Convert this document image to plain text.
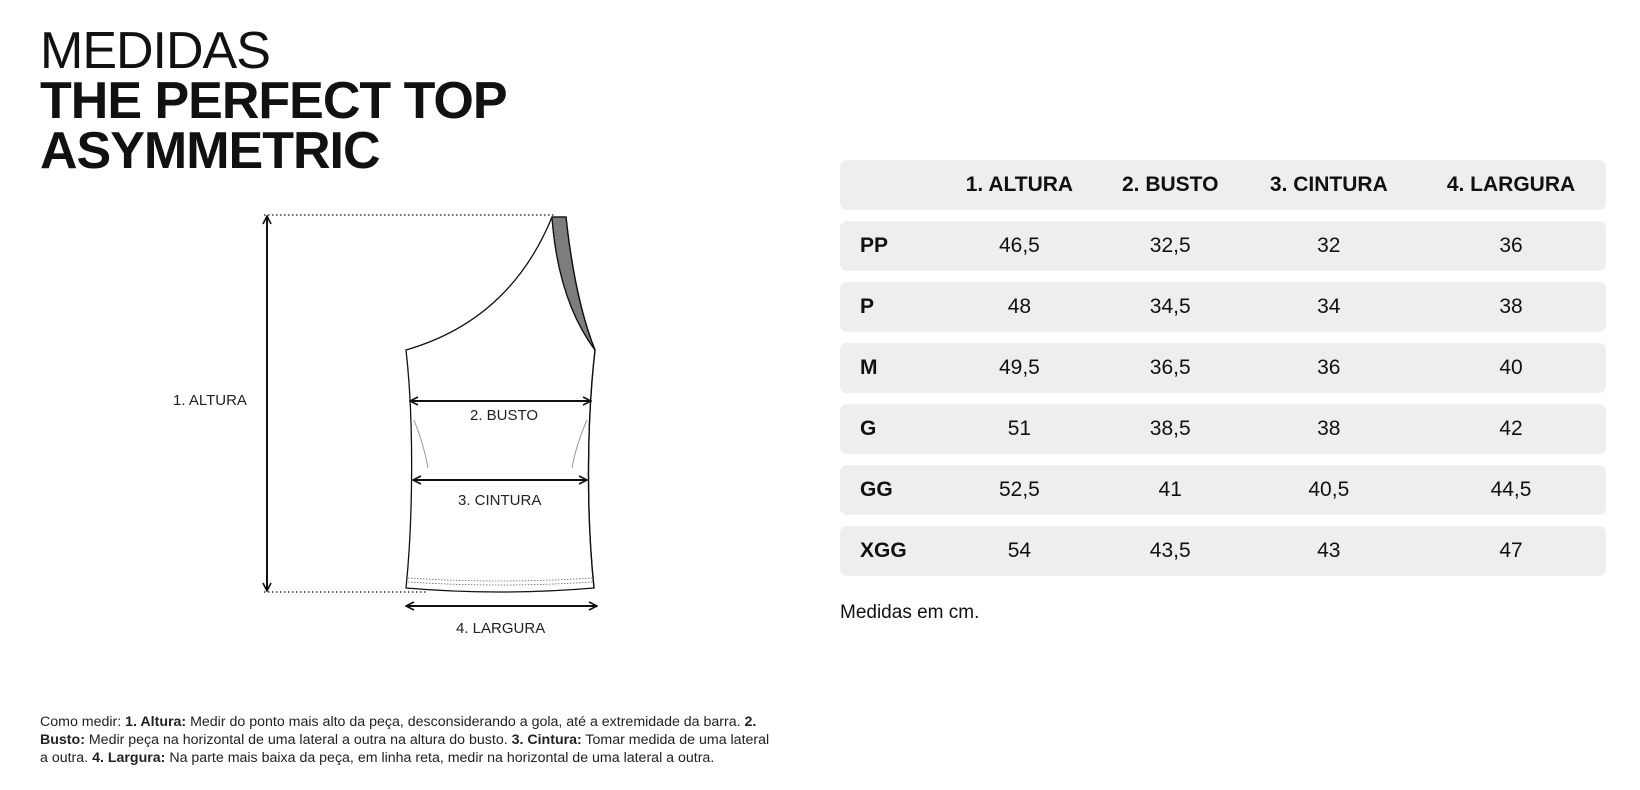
MEDIDAS
THE PERFECT TOP
ASYMMETRIC
1. ALTURA
2. BUSTO
3. CINTURA
4. LARGURA
	1. ALTURA	2. BUSTO	3. CINTURA	4. LARGURA
PP	46,5	32,5	32	36
P	48	34,5	34	38
M	49,5	36,5	36	40
G	51	38,5	38	42
GG	52,5	41	40,5	44,5
XGG	54	43,5	43	47
Medidas em cm.
Como medir: 1. Altura: Medir do ponto mais alto da peça, desconsiderando a gola, até a extremidade da barra. 2. Busto: Medir peça na horizontal de uma lateral a outra na altura do busto. 3. Cintura: Tomar medida de uma lateral a outra. 4. Largura: Na parte mais baixa da peça, em linha reta, medir na horizontal de uma lateral a outra.
